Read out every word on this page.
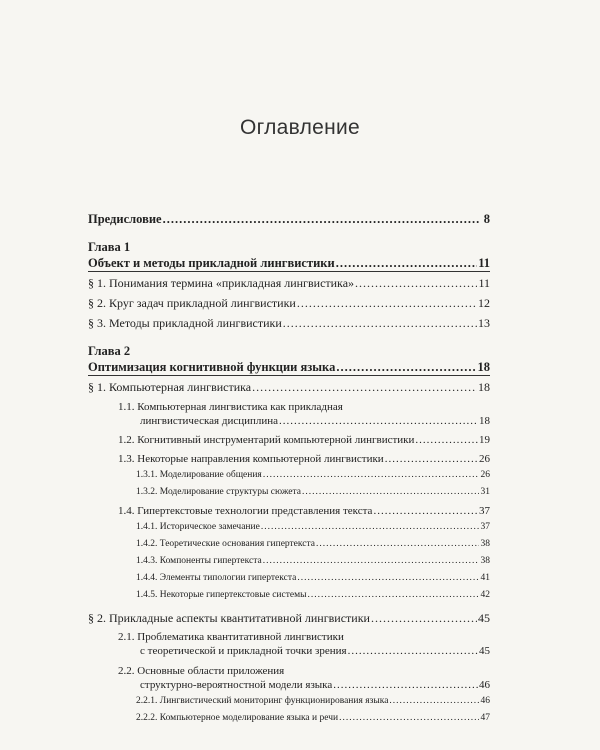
Оглавление
Предисловие .....	8
Глава 1
Объект и методы прикладной лингвистики .....	11
§ 1. Понимания термина «прикладная лингвистика» .....	11
§ 2. Круг задач прикладной лингвистики .....	12
§ 3. Методы прикладной лингвистики .....	13
Глава 2
Оптимизация когнитивной функции языка .....	18
§ 1. Компьютерная лингвистика .....	18
1.1. Компьютерная лингвистика как прикладная
лингвистическая дисциплина .....	18
1.2. Когнитивный инструментарий компьютерной лингвистики .....	19
1.3. Некоторые направления компьютерной лингвистики .....	26
1.3.1. Моделирование общения .....	26
1.3.2. Моделирование структуры сюжета .....	31
1.4. Гипертекстовые технологии представления текста .....	37
1.4.1. Историческое замечание .....	37
1.4.2. Теоретические основания гипертекста .....	38
1.4.3. Компоненты гипертекста .....	38
1.4.4. Элементы типологии гипертекста .....	41
1.4.5. Некоторые гипертекстовые системы .....	42
§ 2. Прикладные аспекты квантитативной лингвистики .....	45
2.1. Проблематика квантитативной лингвистики
с теоретической и прикладной точки зрения .....	45
2.2. Основные области приложения
структурно-вероятностной модели языка .....	46
2.2.1. Лингвистический мониторинг функционирования языка .....	46
2.2.2. Компьютерное моделирование языка и речи .....	47
